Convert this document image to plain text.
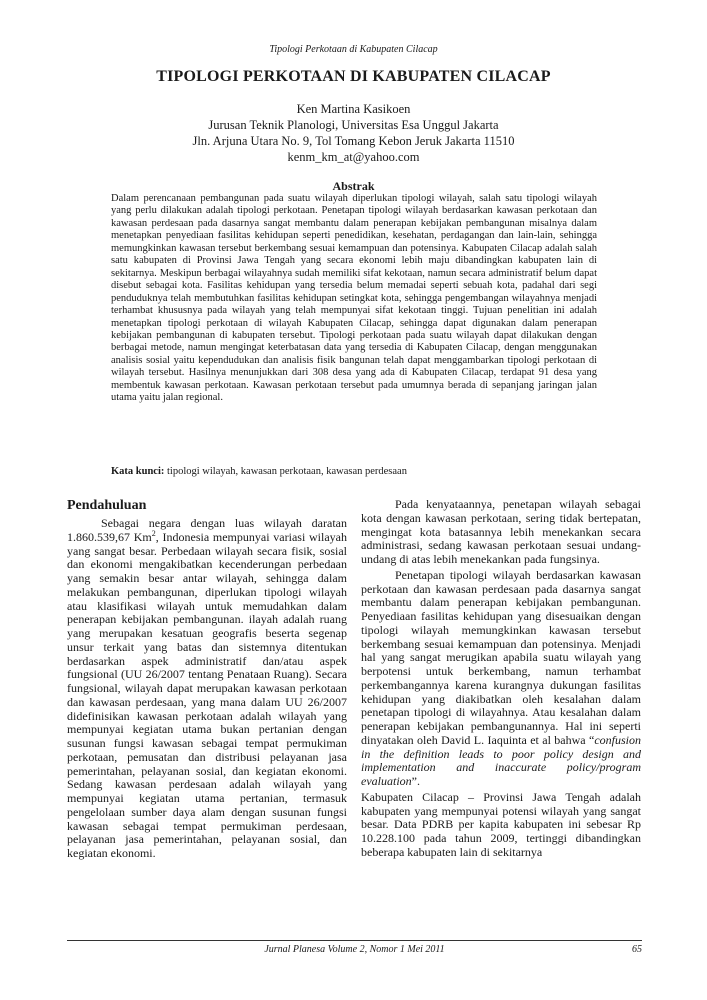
Tipologi Perkotaan di Kabupaten Cilacap
TIPOLOGI PERKOTAAN DI KABUPATEN CILACAP
Ken Martina Kasikoen
Jurusan Teknik Planologi, Universitas Esa Unggul Jakarta
Jln. Arjuna Utara No. 9, Tol Tomang Kebon Jeruk Jakarta 11510
kenm_km_at@yahoo.com
Abstrak

Dalam perencanaan pembangunan pada suatu wilayah diperlukan tipologi wilayah, salah satu tipologi wilayah yang perlu dilakukan adalah tipologi perkotaan. Penetapan tipologi wilayah berdasarkan kawasan perkotaan dan kawasan perdesaan pada dasarnya sangat membantu dalam penerapan kebijakan pembangunan misalnya dalam menetapkan penyediaan fasilitas kehidupan seperti penedidikan, kesehatan, perdagangan dan lain-lain, sehingga memungkinkan kawasan tersebut berkembang sesuai kemampuan dan potensinya. Kabupaten Cilacap adalah salah satu kabupaten di Provinsi Jawa Tengah yang secara ekonomi lebih maju dibandingkan kabupaten lain di sekitarnya. Meskipun berbagai wilayahnya sudah memiliki sifat kekotaan, namun secara administratif belum dapat disebut sebagai kota. Fasilitas kehidupan yang tersedia belum memadai seperti sebuah kota, padahal dari segi penduduknya telah membutuhkan fasilitas kehidupan setingkat kota, sehingga pengembangan wilayahnya menjadi terhambat khususnya pada wilayah yang telah mempunyai sifat kekotaan tinggi. Tujuan penelitian ini adalah menetapkan tipologi perkotaan di wilayah Kabupaten Cilacap, sehingga dapat digunakan dalam penerapan kebijakan pembangunan di kabupaten tersebut. Tipologi perkotaan pada suatu wilayah dapat dilakukan dengan berbagai metode, namun mengingat keterbatasan data yang tersedia di Kabupaten Cilacap, dengan menggunakan analisis sosial yaitu kependudukan dan analisis fisik bangunan telah dapat menggambarkan tipologi perkotaan di wilayah tersebut. Hasilnya menunjukkan dari 308 desa yang ada di Kabupaten Cilacap, terdapat 91 desa yang membentuk kawasan perkotaan. Kawasan perkotaan tersebut pada umumnya berada di sepanjang jaringan jalan utama yaitu jalan regional.

Kata kunci: tipologi wilayah, kawasan perkotaan, kawasan perdesaan
Pendahuluan

Sebagai negara dengan luas wilayah daratan 1.860.539,67 Km$^2$, Indonesia mempunyai variasi wilayah yang sangat besar. Perbedaan wilayah secara fisik, sosial dan ekonomi mengakibatkan kecenderungan perbedaan yang semakin besar antar wilayah, sehingga dalam melakukan pembangunan, diperlukan tipologi wilayah atau klasifikasi wilayah untuk memudahkan dalam penerapan kebijakan pembangunan. ilayah adalah ruang yang merupakan kesatuan geografis beserta segenap unsur terkait yang batas dan sistemnya ditentukan berdasarkan aspek administratif dan/atau aspek fungsional (UU 26/2007 tentang Penataan Ruang). Secara fungsional, wilayah dapat merupakan kawasan perkotaan dan kawasan perdesaan, yang mana dalam UU 26/2007 didefinisikan kawasan perkotaan adalah wilayah yang mempunyai kegiatan utama bukan pertanian dengan susunan fungsi kawasan sebagai tempat permukiman perkotaan, pemusatan dan distribusi pelayanan jasa pemerintahan, pelayanan sosial, dan kegiatan ekonomi. Sedang kawasan perdesaan adalah wilayah yang mempunyai kegiatan utama pertanian, termasuk pengelolaan sumber daya alam dengan susunan fungsi kawasan sebagai tempat permukiman perdesaan, pelayanan jasa pemerintahan, pelayanan sosial, dan kegiatan ekonomi.

Pada kenyataannya, penetapan wilayah sebagai kota dengan kawasan perkotaan, sering tidak bertepatan, mengingat kota batasannya lebih menekankan secara administrasi, sedang kawasan perkotaan sesuai undang-undang di atas lebih menekankan pada fungsinya.

Penetapan tipologi wilayah berdasarkan kawasan perkotaan dan kawasan perdesaan pada dasarnya sangat membantu dalam penerapan kebijakan pembangunan. Penyediaan fasilitas kehidupan yang disesuaikan dengan tipologi wilayah memungkinkan kawasan tersebut berkembang sesuai kemampuan dan potensinya. Menjadi hal yang sangat merugikan apabila suatu wilayah yang berpotensi untuk berkembang, namun terhambat perkembangannya karena kurangnya dukungan fasilitas kehidupan yang diakibatkan oleh kesalahan dalam penetapan tipologi di wilayahnya. Atau kesalahan dalam penerapan kebijakan pembangunannya. Hal ini seperti dinyatakan oleh David L. Iaquinta et al bahwa “confusion in the definition leads to poor policy design and implementation and inaccurate policy/program evaluation”.

Kabupaten Cilacap – Provinsi Jawa Tengah adalah kabupaten yang mempunyai potensi wilayah yang sangat besar. Data PDRB per kapita kabupaten ini sebesar Rp 10.228.100 pada tahun 2009, tertinggi dibandingkan beberapa kabupaten lain di sekitarnya

Jurnal Planesa Volume 2, Nomor 1 Mei 2011	65
